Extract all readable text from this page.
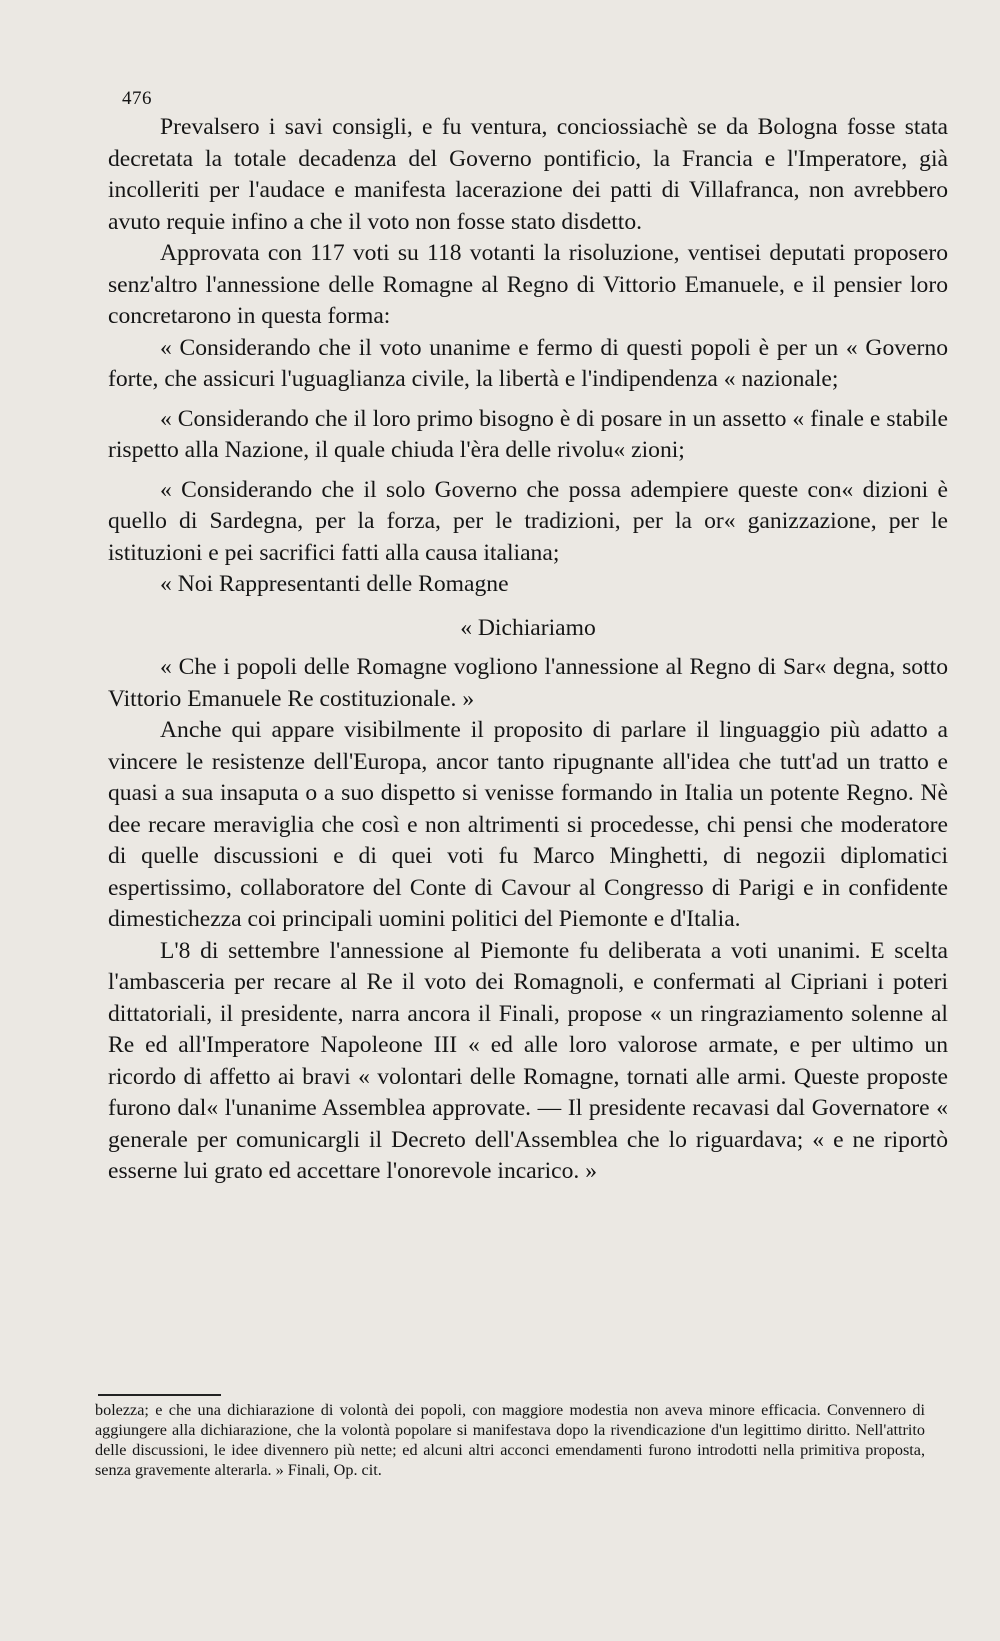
476

Prevalsero i savi consigli, e fu ventura, conciossiachè se da Bologna fosse stata decretata la totale decadenza del Governo pontificio, la Francia e l'Imperatore, già incolleriti per l'audace e manifesta lacerazione dei patti di Villafranca, non avrebbero avuto requie infino a che il voto non fosse stato disdetto.

Approvata con 117 voti su 118 votanti la risoluzione, ventisei deputati proposero senz'altro l'annessione delle Romagne al Regno di Vittorio Emanuele, e il pensier loro concretarono in questa forma:

« Considerando che il voto unanime e fermo di questi popoli è per un « Governo forte, che assicuri l'uguaglianza civile, la libertà e l'indipendenza « nazionale;

« Considerando che il loro primo bisogno è di posare in un assetto « finale e stabile rispetto alla Nazione, il quale chiuda l'èra delle rivolu« zioni;

« Considerando che il solo Governo che possa adempiere queste con« dizioni è quello di Sardegna, per la forza, per le tradizioni, per la or« ganizzazione, per le istituzioni e pei sacrifici fatti alla causa italiana;

« Noi Rappresentanti delle Romagne

« Dichiariamo

« Che i popoli delle Romagne vogliono l'annessione al Regno di Sar« degna, sotto Vittorio Emanuele Re costituzionale. »

Anche qui appare visibilmente il proposito di parlare il linguaggio più adatto a vincere le resistenze dell'Europa, ancor tanto ripugnante all'idea che tutt'ad un tratto e quasi a sua insaputa o a suo dispetto si venisse formando in Italia un potente Regno. Nè dee recare meraviglia che così e non altrimenti si procedesse, chi pensi che moderatore di quelle discussioni e di quei voti fu Marco Minghetti, di negozii diplomatici espertissimo, collaboratore del Conte di Cavour al Congresso di Parigi e in confidente dimestichezza coi principali uomini politici del Piemonte e d'Italia.

L'8 di settembre l'annessione al Piemonte fu deliberata a voti unanimi. E scelta l'ambasceria per recare al Re il voto dei Romagnoli, e confermati al Cipriani i poteri dittatoriali, il presidente, narra ancora il Finali, propose « un ringraziamento solenne al Re ed all'Imperatore Napoleone III « ed alle loro valorose armate, e per ultimo un ricordo di affetto ai bravi « volontari delle Romagne, tornati alle armi. Queste proposte furono dal« l'unanime Assemblea approvate. — Il presidente recavasi dal Governatore « generale per comunicargli il Decreto dell'Assemblea che lo riguardava; « e ne riportò esserne lui grato ed accettare l'onorevole incarico. »

bolezza; e che una dichiarazione di volontà dei popoli, con maggiore modestia non aveva minore efficacia. Convennero di aggiungere alla dichiarazione, che la volontà popolare si manifestava dopo la rivendicazione d'un legittimo diritto. Nell'attrito delle discussioni, le idee divennero più nette; ed alcuni altri acconci emendamenti furono introdotti nella primitiva proposta, senza gravemente alterarla. » Finali, Op. cit.
